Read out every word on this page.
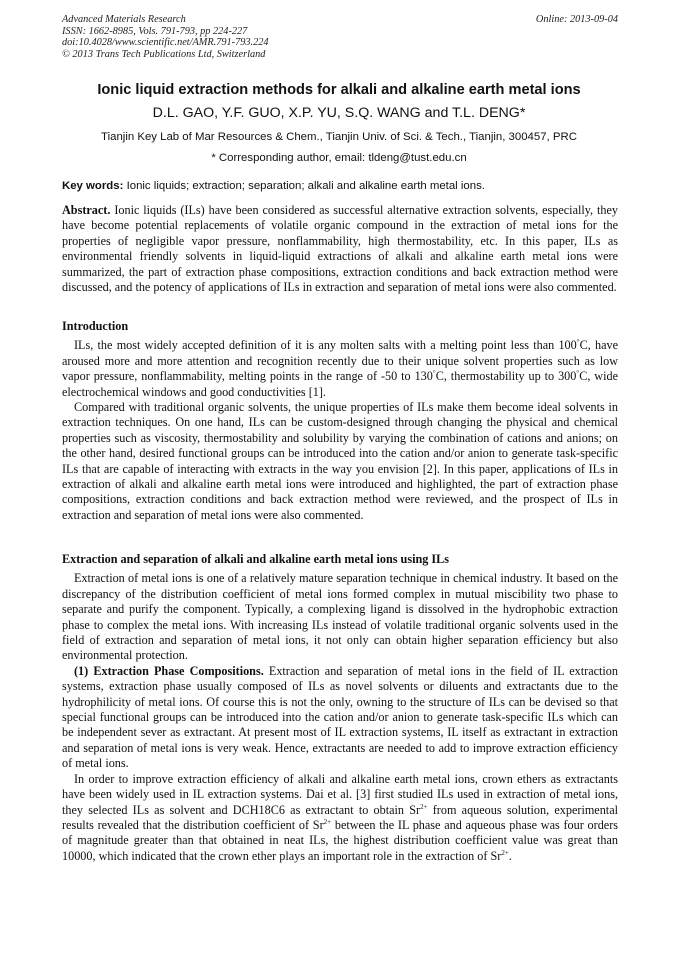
Advanced Materials Research
ISSN: 1662-8985, Vols. 791-793, pp 224-227
doi:10.4028/www.scientific.net/AMR.791-793.224
© 2013 Trans Tech Publications Ltd, Switzerland
Online: 2013-09-04
Ionic liquid extraction methods for alkali and alkaline earth metal ions
D.L. GAO, Y.F. GUO, X.P. YU, S.Q. WANG and T.L. DENG*
Tianjin Key Lab of Mar Resources & Chem., Tianjin Univ. of Sci. & Tech., Tianjin, 300457, PRC
* Corresponding author, email: tldeng@tust.edu.cn
Key words: Ionic liquids; extraction; separation; alkali and alkaline earth metal ions.

Abstract. Ionic liquids (ILs) have been considered as successful alternative extraction solvents, especially, they have become potential replacements of volatile organic compound in the extraction of metal ions for the properties of negligible vapor pressure, nonflammability, high thermostability, etc. In this paper, ILs as environmental friendly solvents in liquid-liquid extractions of alkali and alkaline earth metal ions were summarized, the part of extraction phase compositions, extraction conditions and back extraction method were discussed, and the potency of applications of ILs in extraction and separation of metal ions were also commented.

Introduction

ILs, the most widely accepted definition of it is any molten salts with a melting point less than 100°C, have aroused more and more attention and recognition recently due to their unique solvent properties such as low vapor pressure, nonflammability, melting points in the range of -50 to 130°C, thermostability up to 300°C, wide electrochemical windows and good conductivities [1].

Compared with traditional organic solvents, the unique properties of ILs make them become ideal solvents in extraction techniques. On one hand, ILs can be custom-designed through changing the physical and chemical properties such as viscosity, thermostability and solubility by varying the combination of cations and anions; on the other hand, desired functional groups can be introduced into the cation and/or anion to generate task-specific ILs that are capable of interacting with extracts in the way you envision [2]. In this paper, applications of ILs in extraction of alkali and alkaline earth metal ions were introduced and highlighted, the part of extraction phase compositions, extraction conditions and back extraction method were reviewed, and the prospect of ILs in extraction and separation of metal ions were also commented.

Extraction and separation of alkali and alkaline earth metal ions using ILs

Extraction of metal ions is one of a relatively mature separation technique in chemical industry. It based on the discrepancy of the distribution coefficient of metal ions formed complex in mutual miscibility two phase to separate and purify the component. Typically, a complexing ligand is dissolved in the hydrophobic extraction phase to complex the metal ions. With increasing ILs instead of volatile traditional organic solvents used in the field of extraction and separation of metal ions, it not only can obtain higher separation efficiency but also environmental protection.

(1) Extraction Phase Compositions. Extraction and separation of metal ions in the field of IL extraction systems, extraction phase usually composed of ILs as novel solvents or diluents and extractants due to the hydrophilicity of metal ions. Of course this is not the only, owning to the structure of ILs can be devised so that special functional groups can be introduced into the cation and/or anion to generate task-specific ILs which can be independent sever as extractant. At present most of IL extraction systems, IL itself as extractant in extraction and separation of metal ions is very weak. Hence, extractants are needed to add to improve extraction efficiency of metal ions.

In order to improve extraction efficiency of alkali and alkaline earth metal ions, crown ethers as extractants have been widely used in IL extraction systems. Dai et al. [3] first studied ILs used in extraction of metal ions, they selected ILs as solvent and DCH18C6 as extractant to obtain $Sr^{2+}$ from aqueous solution, experimental results revealed that the distribution coefficient of $Sr^{2+}$ between the IL phase and aqueous phase was four orders of magnitude greater than that obtained in neat ILs, the highest distribution coefficient value was great than 10000, which indicated that the crown ether plays an important role in the extraction of $Sr^{2+}$.
